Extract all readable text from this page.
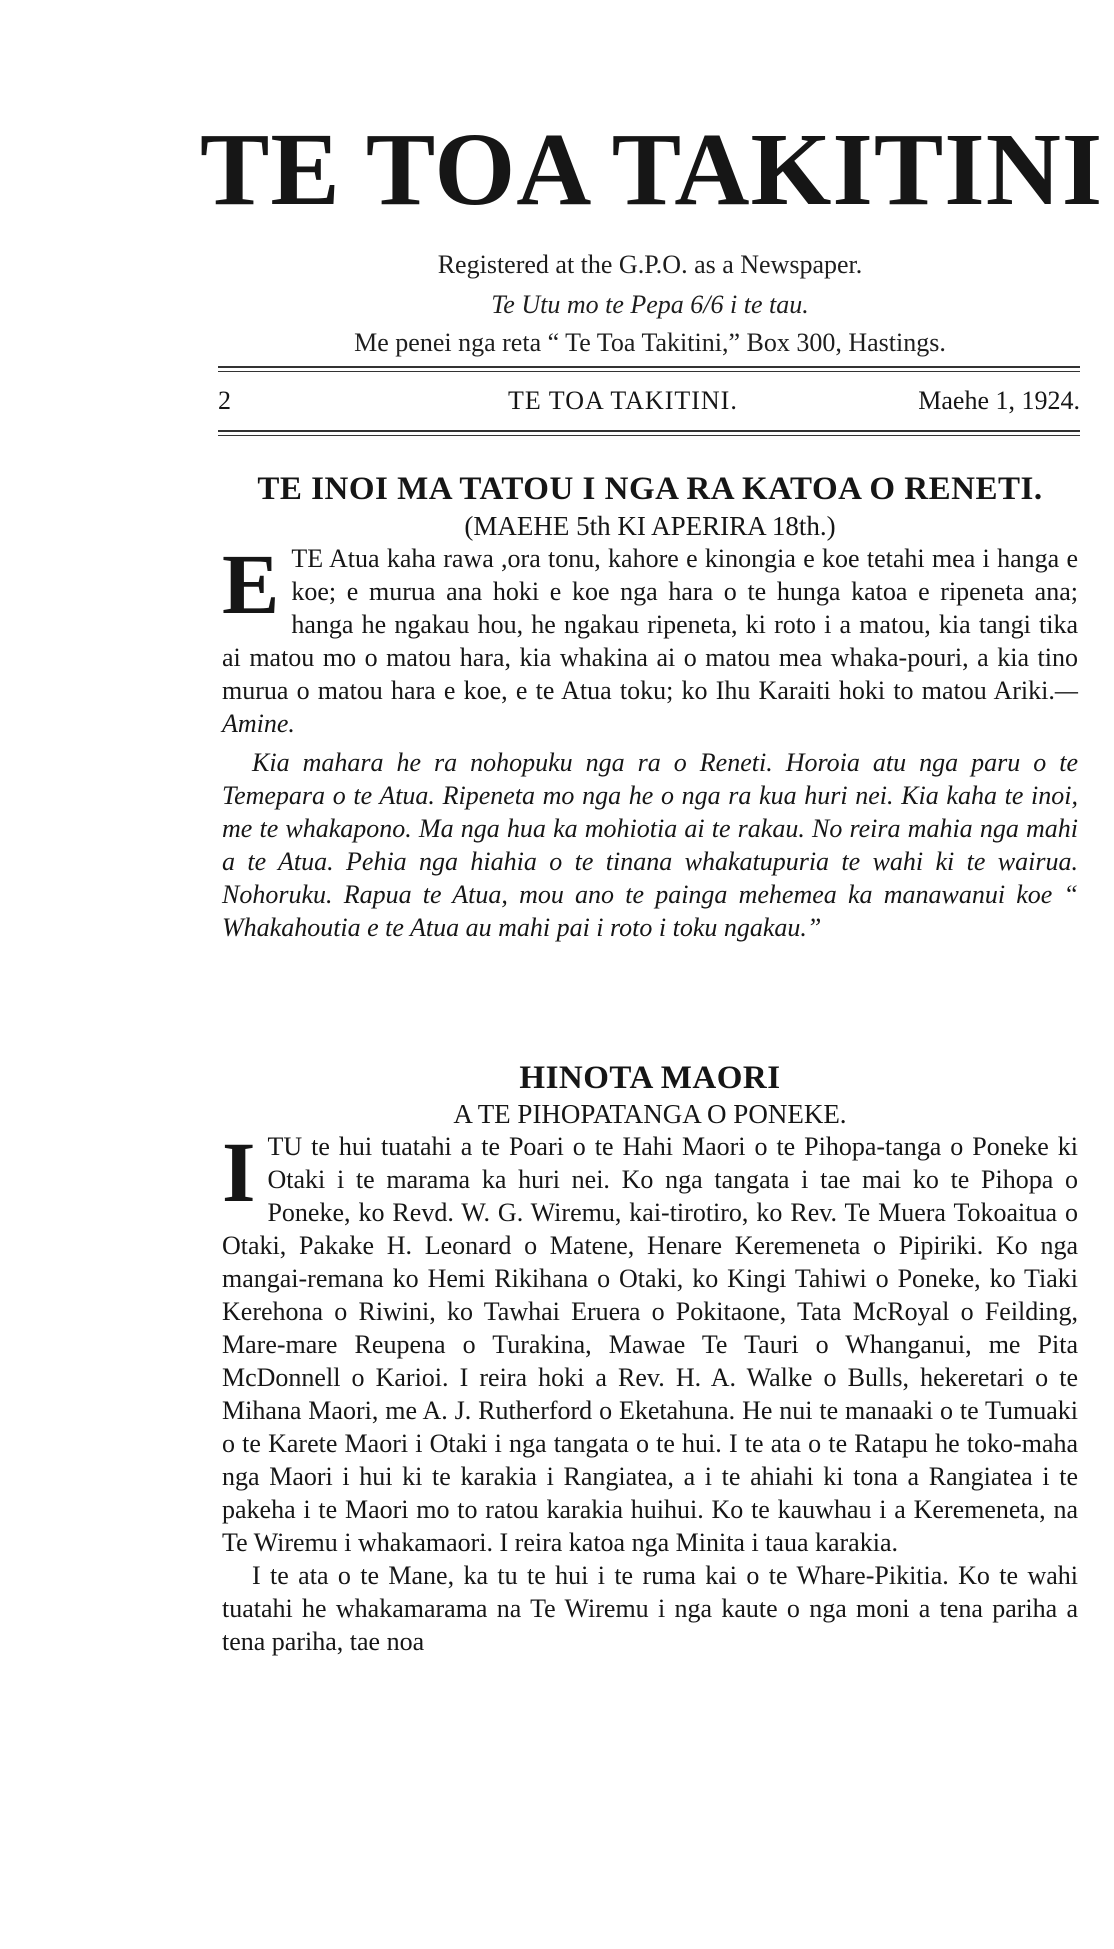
TE TOA TAKITINI
Registered at the G.P.O. as a Newspaper.
Te Utu mo te Pepa 6/6 i te tau.
Me penei nga reta “ Te Toa Takitini,” Box 300, Hastings.
2	TE TOA TAKITINI.	Maehe 1, 1924.
TE INOI MA TATOU I NGA RA KATOA O RENETI.
(MAEHE 5th KI APERIRA 18th.)

ETE Atua kaha rawa ,ora tonu, kahore e kinongia e koe tetahi mea i hanga e koe; e murua ana hoki e koe nga hara o te hunga katoa e ripeneta ana; hanga he ngakau hou, he ngakau ripeneta, ki roto i a matou, kia tangi tika ai matou mo o matou hara, kia whakina ai o matou mea whaka-pouri, a kia tino murua o matou hara e koe, e te Atua toku; ko Ihu Karaiti hoki to matou Ariki.—Amine.

Kia mahara he ra nohopuku nga ra o Reneti. Horoia atu nga paru o te Temepara o te Atua. Ripeneta mo nga he o nga ra kua huri nei. Kia kaha te inoi, me te whakapono. Ma nga hua ka mohiotia ai te rakau. No reira mahia nga mahi a te Atua. Pehia nga hiahia o te tinana whakatupuria te wahi ki te wairua. Nohoruku. Rapua te Atua, mou ano te painga mehemea ka manawanui koe “ Whakahoutia e te Atua au mahi pai i roto i toku ngakau.”

HINOTA MAORI
A TE PIHOPATANGA O PONEKE.

ITU te hui tuatahi a te Poari o te Hahi Maori o te Pihopa-tanga o Poneke ki Otaki i te marama ka huri nei. Ko nga tangata i tae mai ko te Pihopa o Poneke, ko Revd. W. G. Wiremu, kai-tirotiro, ko Rev. Te Muera Tokoaitua o Otaki, Pakake H. Leonard o Matene, Henare Keremeneta o Pipiriki. Ko nga mangai-remana ko Hemi Rikihana o Otaki, ko Kingi Tahiwi o Poneke, ko Tiaki Kerehona o Riwini, ko Tawhai Eruera o Pokitaone, Tata McRoyal o Feilding, Mare-mare Reupena o Turakina, Mawae Te Tauri o Whanganui, me Pita McDonnell o Karioi. I reira hoki a Rev. H. A. Walke o Bulls, hekeretari o te Mihana Maori, me A. J. Rutherford o Eketahuna. He nui te manaaki o te Tumuaki o te Karete Maori i Otaki i nga tangata o te hui. I te ata o te Ratapu he toko-maha nga Maori i hui ki te karakia i Rangiatea, a i te ahiahi ki tona a Rangiatea i te pakeha i te Maori mo to ratou karakia huihui. Ko te kauwhau i a Keremeneta, na Te Wiremu i whakamaori. I reira katoa nga Minita i taua karakia.

I te ata o te Mane, ka tu te hui i te ruma kai o te Whare-Pikitia. Ko te wahi tuatahi he whakamarama na Te Wiremu i nga kaute o nga moni a tena pariha a tena pariha, tae noa
